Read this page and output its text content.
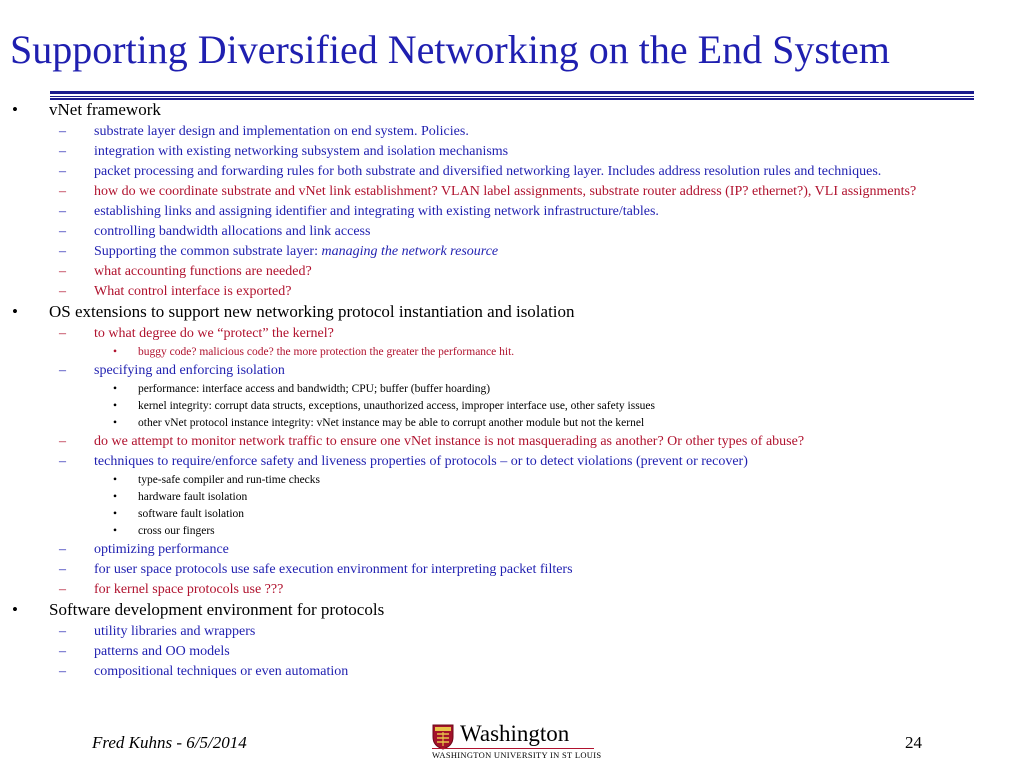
Supporting Diversified Networking on the End System
• vNet framework
– substrate layer design and implementation on end system. Policies.
– integration with existing networking subsystem and isolation mechanisms
– packet processing and forwarding rules for both substrate and diversified networking layer. Includes address resolution rules and techniques.
– how do we coordinate substrate and vNet link establishment? VLAN label assignments, substrate router address (IP? ethernet?), VLI assignments?
– establishing links and assigning identifier and integrating with existing network infrastructure/tables.
– controlling bandwidth allocations and link access
– Supporting the common substrate layer: managing the network resource
– what accounting functions are needed?
– What control interface is exported?
• OS extensions to support new networking protocol instantiation and isolation
– to what degree do we “protect” the kernel?
• buggy code? malicious code? the more protection the greater the performance hit.
– specifying and enforcing isolation
• performance: interface access and bandwidth; CPU; buffer (buffer hoarding)
• kernel integrity: corrupt data structs, exceptions, unauthorized access, improper interface use, other safety issues
• other vNet protocol instance integrity: vNet instance may be able to corrupt another module but not the kernel
– do we attempt to monitor network traffic to ensure one vNet instance is not masquerading as another? Or other types of abuse?
– techniques to require/enforce safety and liveness properties of protocols – or to detect violations (prevent or recover)
• type-safe compiler and run-time checks
• hardware fault isolation
• software fault isolation
• cross our fingers
– optimizing performance
– for user space protocols use safe execution environment for interpreting packet filters
– for kernel space protocols use ???
• Software development environment for protocols
– utility libraries and wrappers
– patterns and OO models
– compositional techniques or even automation
Fred Kuhns - 6/5/2014	Washington
WASHINGTON UNIVERSITY IN ST LOUIS
24
